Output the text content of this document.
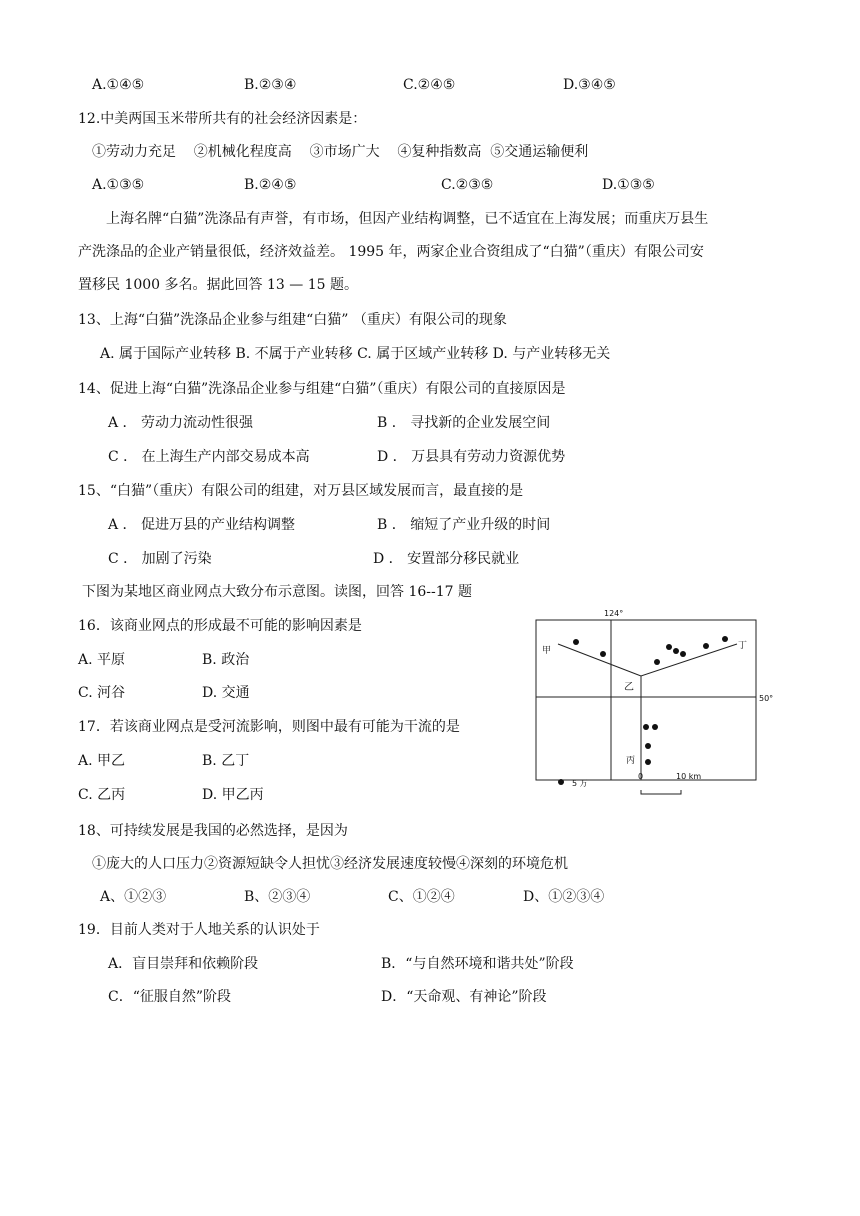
A.①④⑤	B.②③④	C.②④⑤	D.③④⑤
12.中美两国玉米带所共有的社会经济因素是：
①劳动力充足    ②机械化程度高    ③市场广大    ④复种指数高  ⑤交通运输便利
A.①③⑤	B.②④⑤	C.②③⑤	D.①③⑤
上海名牌“白猫”洗涤品有声誉，有市场，但因产业结构调整，已不适宜在上海发展；而重庆万县生
产洗涤品的企业产销量很低，经济效益差。 1995 年，两家企业合资组成了“白猫”（重庆）有限公司安
置移民 1000 多名。据此回答 13 — 15 题。
13、上海“白猫”洗涤品企业参与组建“白猫” （重庆）有限公司的现象
A. 属于国际产业转移 B. 不属于产业转移 C. 属于区域产业转移 D. 与产业转移无关
14、促进上海“白猫”洗涤品企业参与组建“白猫”（重庆）有限公司的直接原因是
A ． 劳动力流动性很强	B ． 寻找新的企业发展空间
C ． 在上海生产内部交易成本高	D ． 万县具有劳动力资源优势
15、“白猫”（重庆）有限公司的组建，对万县区域发展而言，最直接的是
A ． 促进万县的产业结构调整	B ． 缩短了产业升级的时间
C ． 加剧了污染	D ． 安置部分移民就业
下图为某地区商业网点大致分布示意图。读图，回答 16--17 题
16．该商业网点的形成最不可能的影响因素是
A. 平原	B. 政治
C. 河谷	D. 交通
17．若该商业网点是受河流影响，则图中最有可能为干流的是
A. 甲乙	B. 乙丁
C. 乙丙	D. 甲乙丙
124°
50°
甲
乙
丙
丁
5 万
0	10 km
18、可持续发展是我国的必然选择，是因为
①庞大的人口压力②资源短缺令人担忧③经济发展速度较慢④深刻的环境危机
A、①②③	B、②③④	C、①②④	D、①②③④
19．目前人类对于人地关系的认识处于
A．盲目崇拜和依赖阶段	B．“与自然环境和谐共处”阶段
C．“征服自然”阶段	D．“天命观、有神论”阶段
